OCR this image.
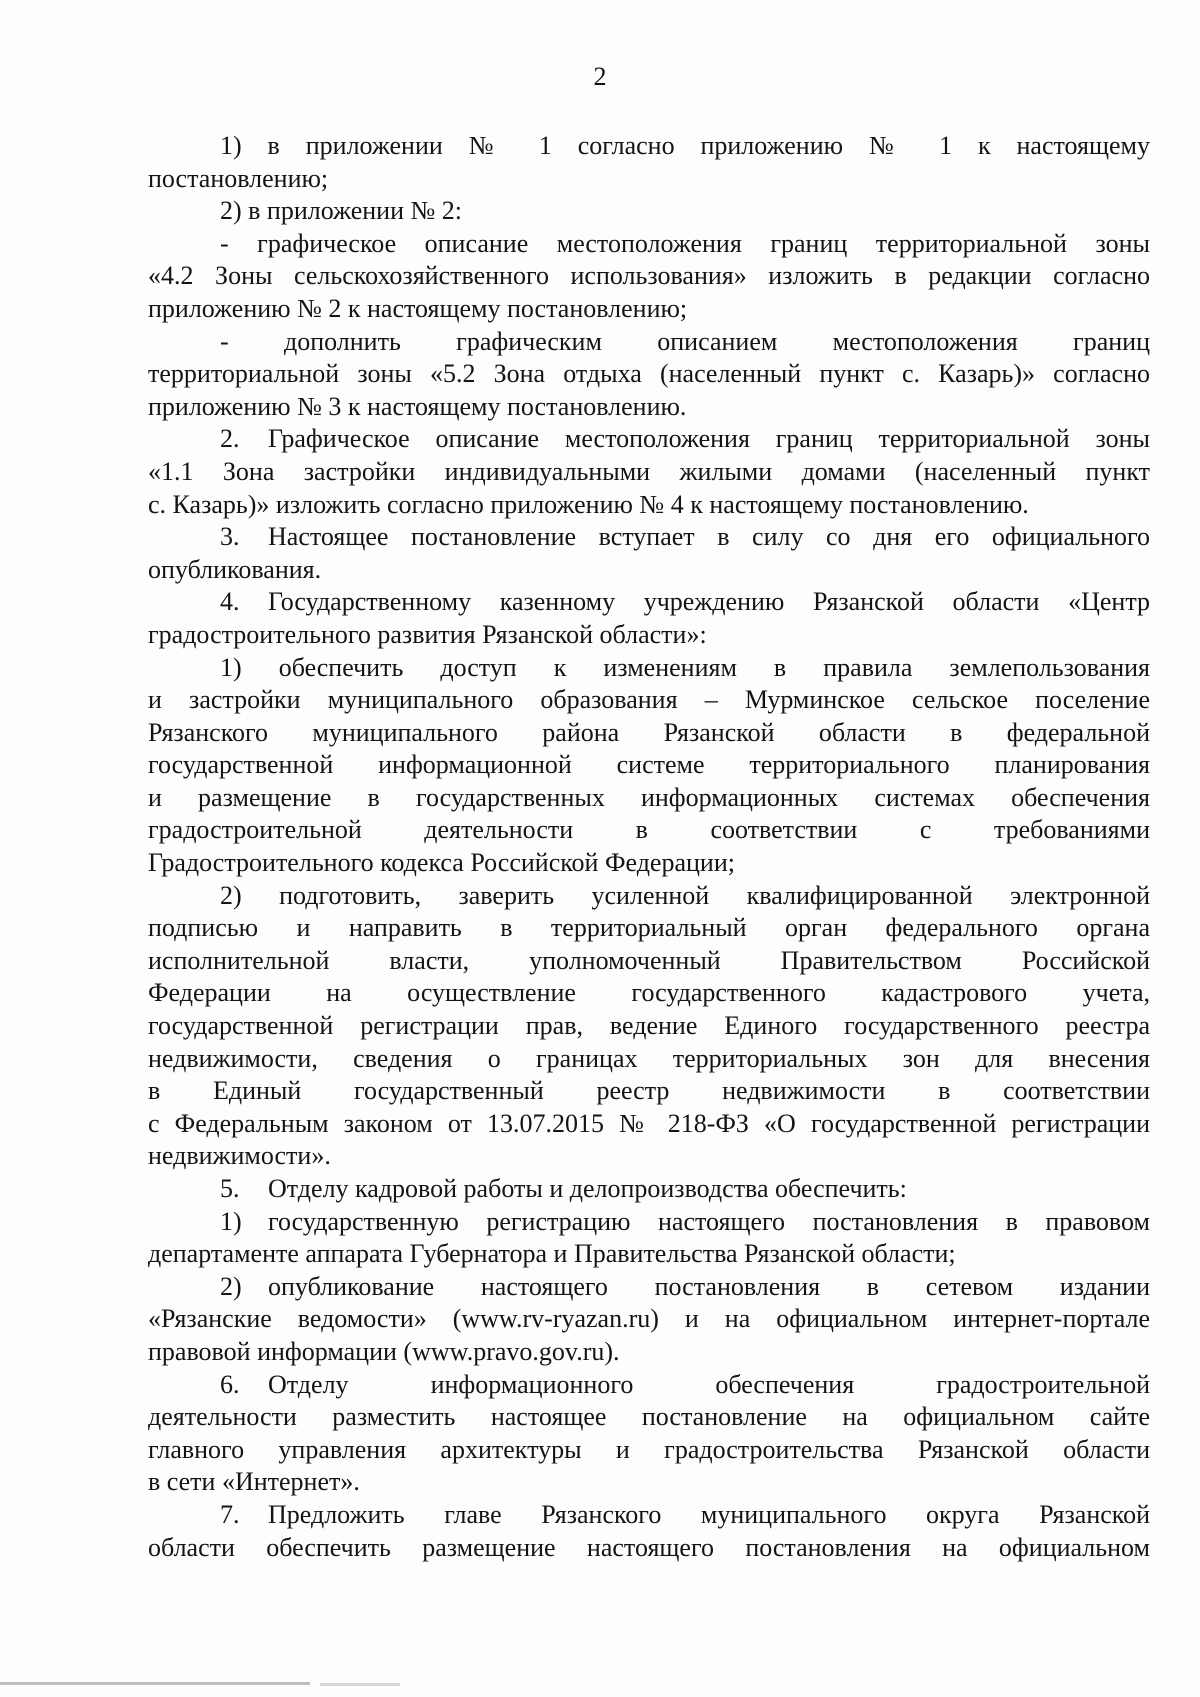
2
1) в приложении № 1 согласно приложению № 1 к настоящему
постановлению;
2) в приложении № 2:
- графическое описание местоположения границ территориальной зоны
«4.2 Зоны сельскохозяйственного использования» изложить в редакции согласно
приложению № 2 к настоящему постановлению;
- дополнить графическим описанием местоположения границ
территориальной зоны «5.2 Зона отдыха (населенный пункт с. Казарь)» согласно
приложению № 3 к настоящему постановлению.
2. Графическое описание местоположения границ территориальной зоны
«1.1 Зона застройки индивидуальными жилыми домами (населенный пункт
с. Казарь)» изложить согласно приложению № 4 к настоящему постановлению.
3. Настоящее постановление вступает в силу со дня его официального
опубликования.
4. Государственному казенному учреждению Рязанской области «Центр
градостроительного развития Рязанской области»:
1) обеспечить доступ к изменениям в правила землепользования
и застройки муниципального образования – Мурминское сельское поселение
Рязанского муниципального района Рязанской области в федеральной
государственной информационной системе территориального планирования
и размещение в государственных информационных системах обеспечения
градостроительной деятельности в соответствии с требованиями
Градостроительного кодекса Российской Федерации;
2) подготовить, заверить усиленной квалифицированной электронной
подписью и направить в территориальный орган федерального органа
исполнительной власти, уполномоченный Правительством Российской
Федерации на осуществление государственного кадастрового учета,
государственной регистрации прав, ведение Единого государственного реестра
недвижимости, сведения о границах территориальных зон для внесения
в Единый государственный реестр недвижимости в соответствии
с Федеральным законом от 13.07.2015 № 218-ФЗ «О государственной регистрации
недвижимости».
5. Отделу кадровой работы и делопроизводства обеспечить:
1) государственную регистрацию настоящего постановления в правовом
департаменте аппарата Губернатора и Правительства Рязанской области;
2) опубликование настоящего постановления в сетевом издании
«Рязанские ведомости» (www.rv-ryazan.ru) и на официальном интернет-портале
правовой информации (www.pravo.gov.ru).
6. Отделу информационного обеспечения градостроительной
деятельности разместить настоящее постановление на официальном сайте
главного управления архитектуры и градостроительства Рязанской области
в сети «Интернет».
7. Предложить главе Рязанского муниципального округа Рязанской
области обеспечить размещение настоящего постановления на официальном
